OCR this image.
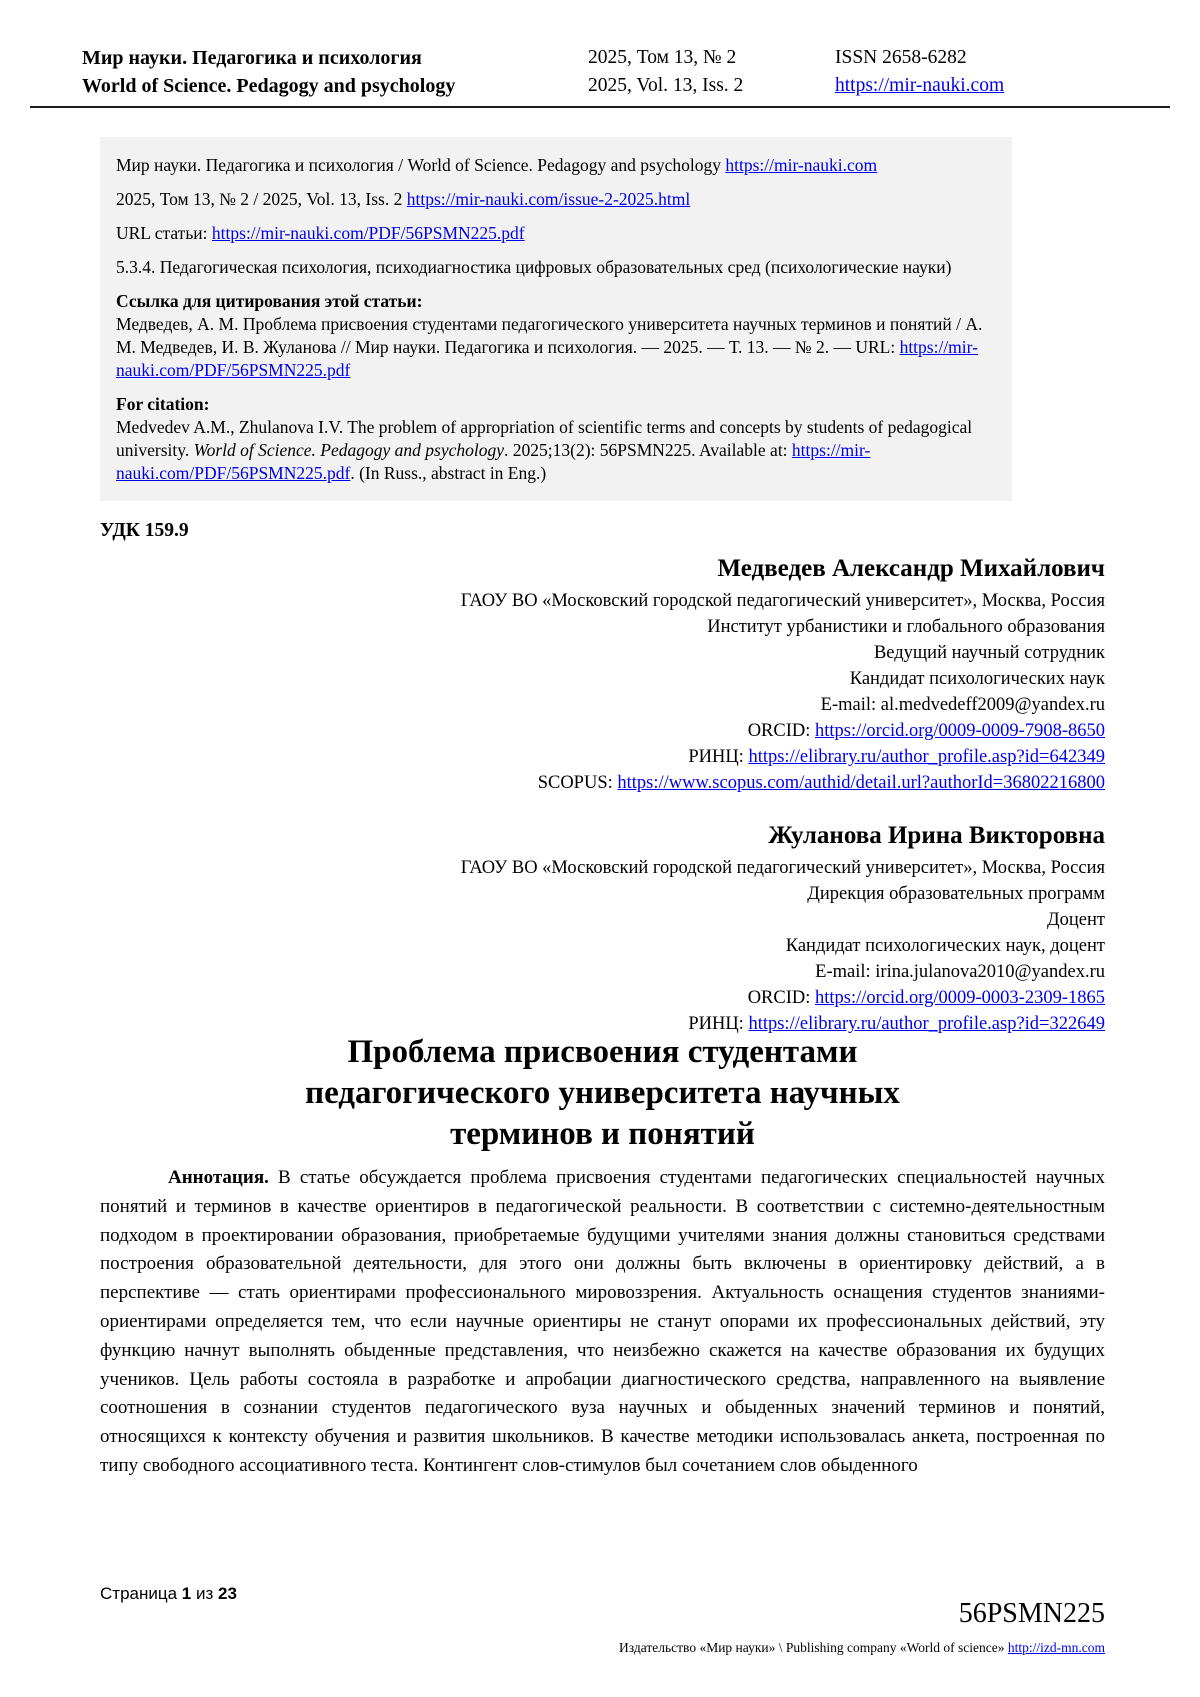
Мир науки. Педагогика и психология
World of Science. Pedagogy and psychology
2025, Том 13, № 2
2025, Vol. 13, Iss. 2
ISSN 2658-6282
https://mir-nauki.com

Мир науки. Педагогика и психология / World of Science. Pedagogy and psychology https://mir-nauki.com

2025, Том 13, № 2 / 2025, Vol. 13, Iss. 2 https://mir-nauki.com/issue-2-2025.html

URL статьи: https://mir-nauki.com/PDF/56PSMN225.pdf

5.3.4. Педагогическая психология, психодиагностика цифровых образовательных сред (психологические науки)

Ссылка для цитирования этой статьи:

Медведев, А. М. Проблема присвоения студентами педагогического университета научных терминов и понятий / А. М. Медведев, И. В. Жуланова // Мир науки. Педагогика и психология. — 2025. — Т. 13. — № 2. — URL: https://mir-nauki.com/PDF/56PSMN225.pdf

For citation:

Medvedev A.M., Zhulanova I.V. The problem of appropriation of scientific terms and concepts by students of pedagogical university. World of Science. Pedagogy and psychology. 2025;13(2): 56PSMN225. Available at: https://mir-nauki.com/PDF/56PSMN225.pdf. (In Russ., abstract in Eng.)

УДК 159.9

Медведев Александр Михайлович
ГАОУ ВО «Московский городской педагогический университет», Москва, Россия
Институт урбанистики и глобального образования
Ведущий научный сотрудник
Кандидат психологических наук
E-mail: al.medvedeff2009@yandex.ru
ORCID: https://orcid.org/0009-0009-7908-8650
РИНЦ: https://elibrary.ru/author_profile.asp?id=642349
SCOPUS: https://www.scopus.com/authid/detail.url?authorId=36802216800
Жуланова Ирина Викторовна
ГАОУ ВО «Московский городской педагогический университет», Москва, Россия
Дирекция образовательных программ
Доцент
Кандидат психологических наук, доцент
E-mail: irina.julanova2010@yandex.ru
ORCID: https://orcid.org/0009-0003-2309-1865
РИНЦ: https://elibrary.ru/author_profile.asp?id=322649
Проблема присвоения студентами
педагогического университета научных
терминов и понятий

Аннотация. В статье обсуждается проблема присвоения студентами педагогических специальностей научных понятий и терминов в качестве ориентиров в педагогической реальности. В соответствии с системно-деятельностным подходом в проектировании образования, приобретаемые будущими учителями знания должны становиться средствами построения образовательной деятельности, для этого они должны быть включены в ориентировку действий, а в перспективе — стать ориентирами профессионального мировоззрения. Актуальность оснащения студентов знаниями-ориентирами определяется тем, что если научные ориентиры не станут опорами их профессиональных действий, эту функцию начнут выполнять обыденные представления, что неизбежно скажется на качестве образования их будущих учеников. Цель работы состояла в разработке и апробации диагностического средства, направленного на выявление соотношения в сознании студентов педагогического вуза научных и обыденных значений терминов и понятий, относящихся к контексту обучения и развития школьников. В качестве методики использовалась анкета, построенная по типу свободного ассоциативного теста. Контингент слов-стимулов был сочетанием слов обыденного

Страница 1 из 23
56PSMN225
Издательство «Мир науки» \ Publishing company «World of science» http://izd-mn.com
